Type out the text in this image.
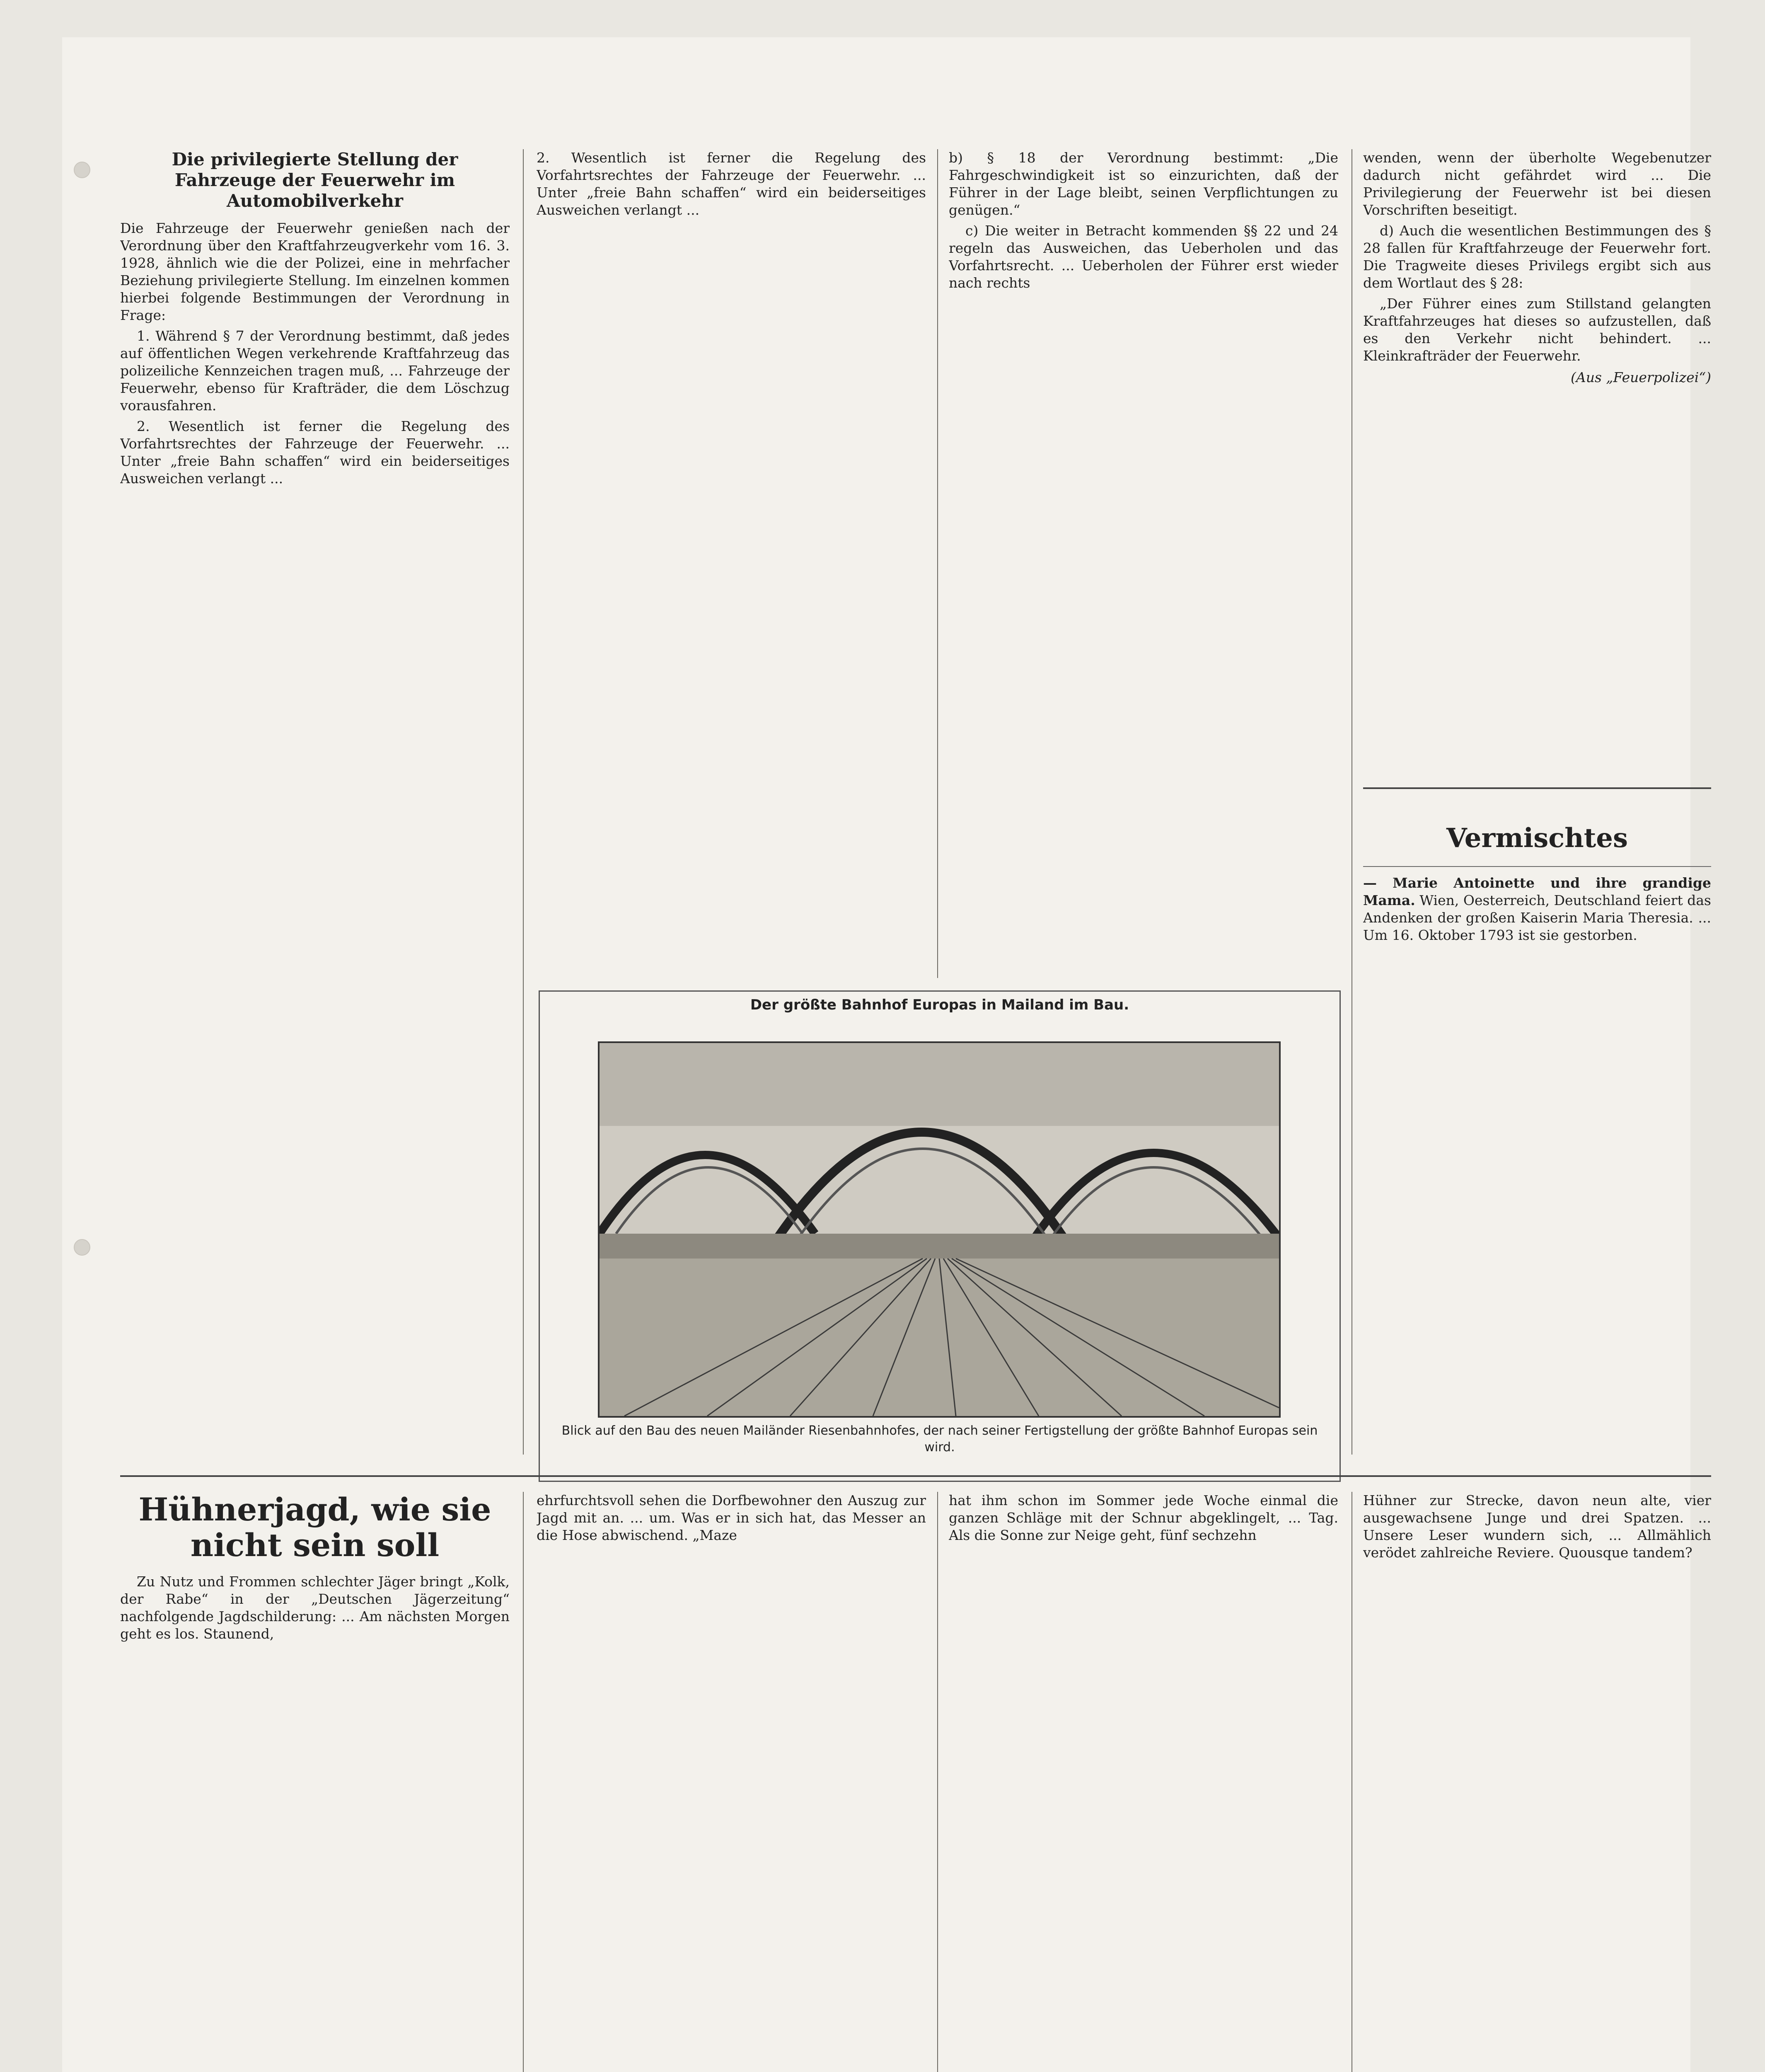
Die privilegierte Stellung der Fahrzeuge der Feuerwehr im Automobilverkehr

Die Fahrzeuge der Feuerwehr genießen nach der Verordnung über den Kraftfahrzeugverkehr vom 16. 3. 1928, ähnlich wie die der Polizei, eine in mehrfacher Beziehung privilegierte Stellung. Im einzelnen kommen hierbei folgende Bestimmungen der Verordnung in Frage:

1. Während § 7 der Verordnung bestimmt, daß jedes auf öffentlichen Wegen verkehrende Kraftfahrzeug das polizeiliche Kennzeichen tragen muß, ... Fahrzeuge der Feuerwehr, ebenso für Krafträder, die dem Löschzug vorausfahren.

2. Wesentlich ist ferner die Regelung des Vorfahrtsrechtes der Fahrzeuge der Feuerwehr. ... Unter „freie Bahn schaffen“ wird ein beiderseitiges Ausweichen verlangt ...

2. Wesentlich ist ferner die Regelung des Vorfahrtsrechtes der Fahrzeuge der Feuerwehr. ... Unter „freie Bahn schaffen“ wird ein beiderseitiges Ausweichen verlangt ...

b) § 18 der Verordnung bestimmt: „Die Fahrgeschwindigkeit ist so einzurichten, daß der Führer in der Lage bleibt, seinen Verpflichtungen zu genügen.“

c) Die weiter in Betracht kommenden §§ 22 und 24 regeln das Ausweichen, das Ueberholen und das Vorfahrtsrecht. ... Ueberholen der Führer erst wieder nach rechts

wenden, wenn der überholte Wegebenutzer dadurch nicht gefährdet wird ... Die Privilegierung der Feuerwehr ist bei diesen Vorschriften beseitigt.

d) Auch die wesentlichen Bestimmungen des § 28 fallen für Kraftfahrzeuge der Feuerwehr fort. Die Tragweite dieses Privilegs ergibt sich aus dem Wortlaut des § 28:

„Der Führer eines zum Stillstand gelangten Kraftfahrzeuges hat dieses so aufzustellen, daß es den Verkehr nicht behindert. ... Kleinkrafträder der Feuerwehr.

(Aus „Feuerpolizei“)
Vermischtes

— Marie Antoinette und ihre grandige Mama. Wien, Oesterreich, Deutschland feiert das Andenken der großen Kaiserin Maria Theresia. ... Um 16. Oktober 1793 ist sie gestorben.

Der größte Bahnhof Europas in Mailand im Bau.
Blick auf den Bau des neuen Mailänder Riesenbahnhofes, der nach seiner Fertigstellung der größte Bahnhof Europas sein wird.
Hühnerjagd, wie sie nicht sein soll

Zu Nutz und Frommen schlechter Jäger bringt „Kolk, der Rabe“ in der „Deutschen Jägerzeitung“ nachfolgende Jagdschilderung: ... Am nächsten Morgen geht es los. Staunend,

ehrfurchtsvoll sehen die Dorfbewohner den Auszug zur Jagd mit an. ... um. Was er in sich hat, das Messer an die Hose abwischend. „Maze

hat ihm schon im Sommer jede Woche einmal die ganzen Schläge mit der Schnur abgeklingelt, ... Tag. Als die Sonne zur Neige geht, fünf sechzehn

Hühner zur Strecke, davon neun alte, vier ausgewachsene Junge und drei Spatzen. ... Unsere Leser wundern sich, ... Allmählich verödet zahlreiche Reviere. Quousque tandem?
